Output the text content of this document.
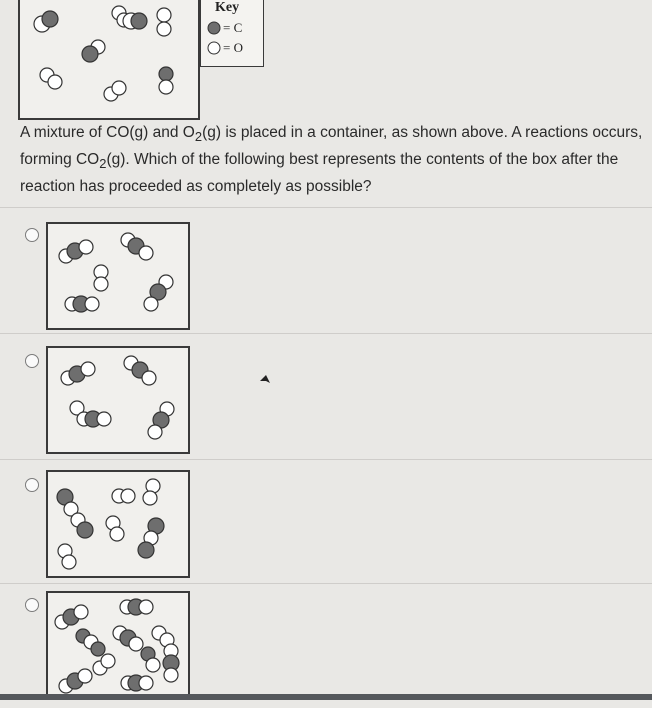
Key
= C
= O
A mixture of CO(g) and $O_2(g)$ is placed in a container, as shown above. A reactions occurs,
forming $CO_2(g)$. Which of the following best represents the contents of the box after the
reaction has proceeded as completely as possible?
